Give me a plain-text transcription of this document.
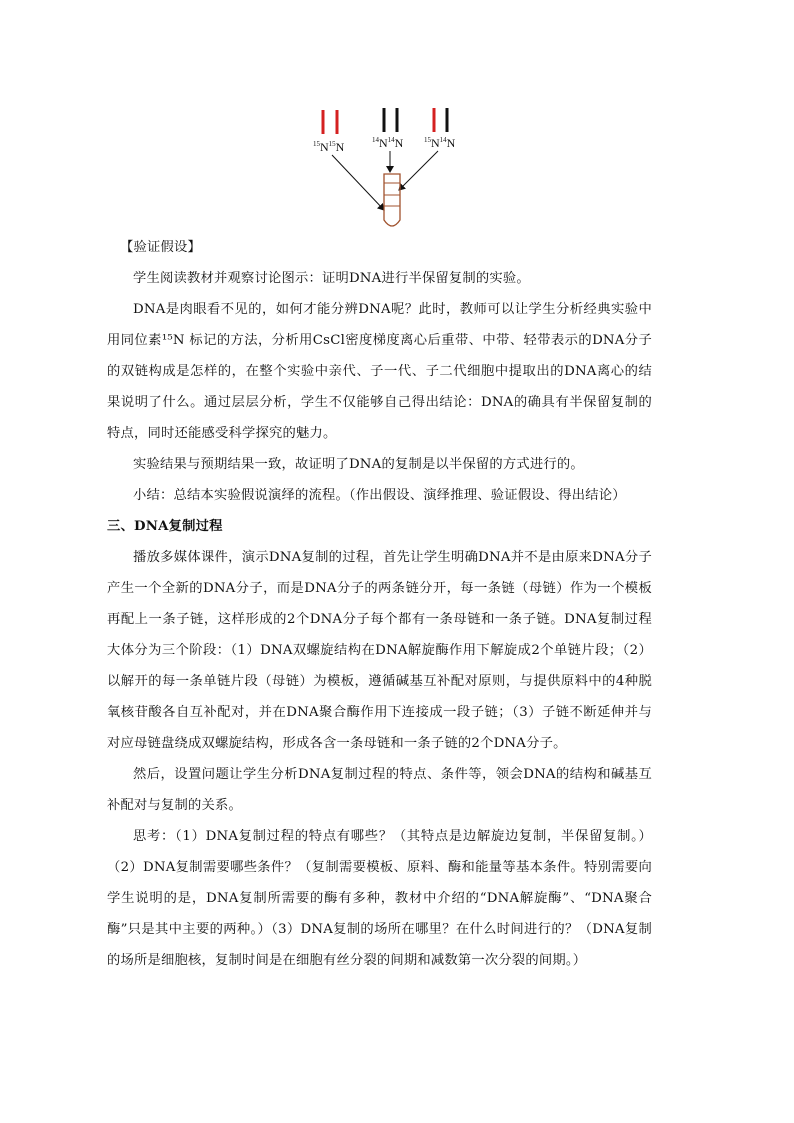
$^{15}N^{15}N$	$^{14}N^{14}N$	$^{15}N^{14}N$

【验证假设】

学生阅读教材并观察讨论图示：证明DNA进行半保留复制的实验。

DNA是肉眼看不见的，如何才能分辨DNA呢？此时，教师可以让学生分析经典实验中用同位素¹⁵N 标记的方法，分析用CsCl密度梯度离心后重带、中带、轻带表示的DNA分子的双链构成是怎样的，在整个实验中亲代、子一代、子二代细胞中提取出的DNA离心的结果说明了什么。通过层层分析，学生不仅能够自己得出结论：DNA的确具有半保留复制的特点，同时还能感受科学探究的魅力。

实验结果与预期结果一致，故证明了DNA的复制是以半保留的方式进行的。

小结：总结本实验假说演绎的流程。（作出假设、演绎推理、验证假设、得出结论）

三、DNA复制过程

播放多媒体课件，演示DNA复制的过程，首先让学生明确DNA并不是由原来DNA分子产生一个全新的DNA分子，而是DNA分子的两条链分开，每一条链（母链）作为一个模板再配上一条子链，这样形成的2个DNA分子每个都有一条母链和一条子链。DNA复制过程大体分为三个阶段：（1）DNA双螺旋结构在DNA解旋酶作用下解旋成2个单链片段；（2）以解开的每一条单链片段（母链）为模板，遵循碱基互补配对原则，与提供原料中的4种脱氧核苷酸各自互补配对，并在DNA聚合酶作用下连接成一段子链；（3）子链不断延伸并与对应母链盘绕成双螺旋结构，形成各含一条母链和一条子链的2个DNA分子。

然后，设置问题让学生分析DNA复制过程的特点、条件等，领会DNA的结构和碱基互补配对与复制的关系。

思考：（1）DNA复制过程的特点有哪些？（其特点是边解旋边复制，半保留复制。）（2）DNA复制需要哪些条件？（复制需要模板、原料、酶和能量等基本条件。特别需要向学生说明的是，DNA复制所需要的酶有多种，教材中介绍的“DNA解旋酶”、“DNA聚合酶”只是其中主要的两种。）（3）DNA复制的场所在哪里？在什么时间进行的？（DNA复制的场所是细胞核，复制时间是在细胞有丝分裂的间期和减数第一次分裂的间期。）
